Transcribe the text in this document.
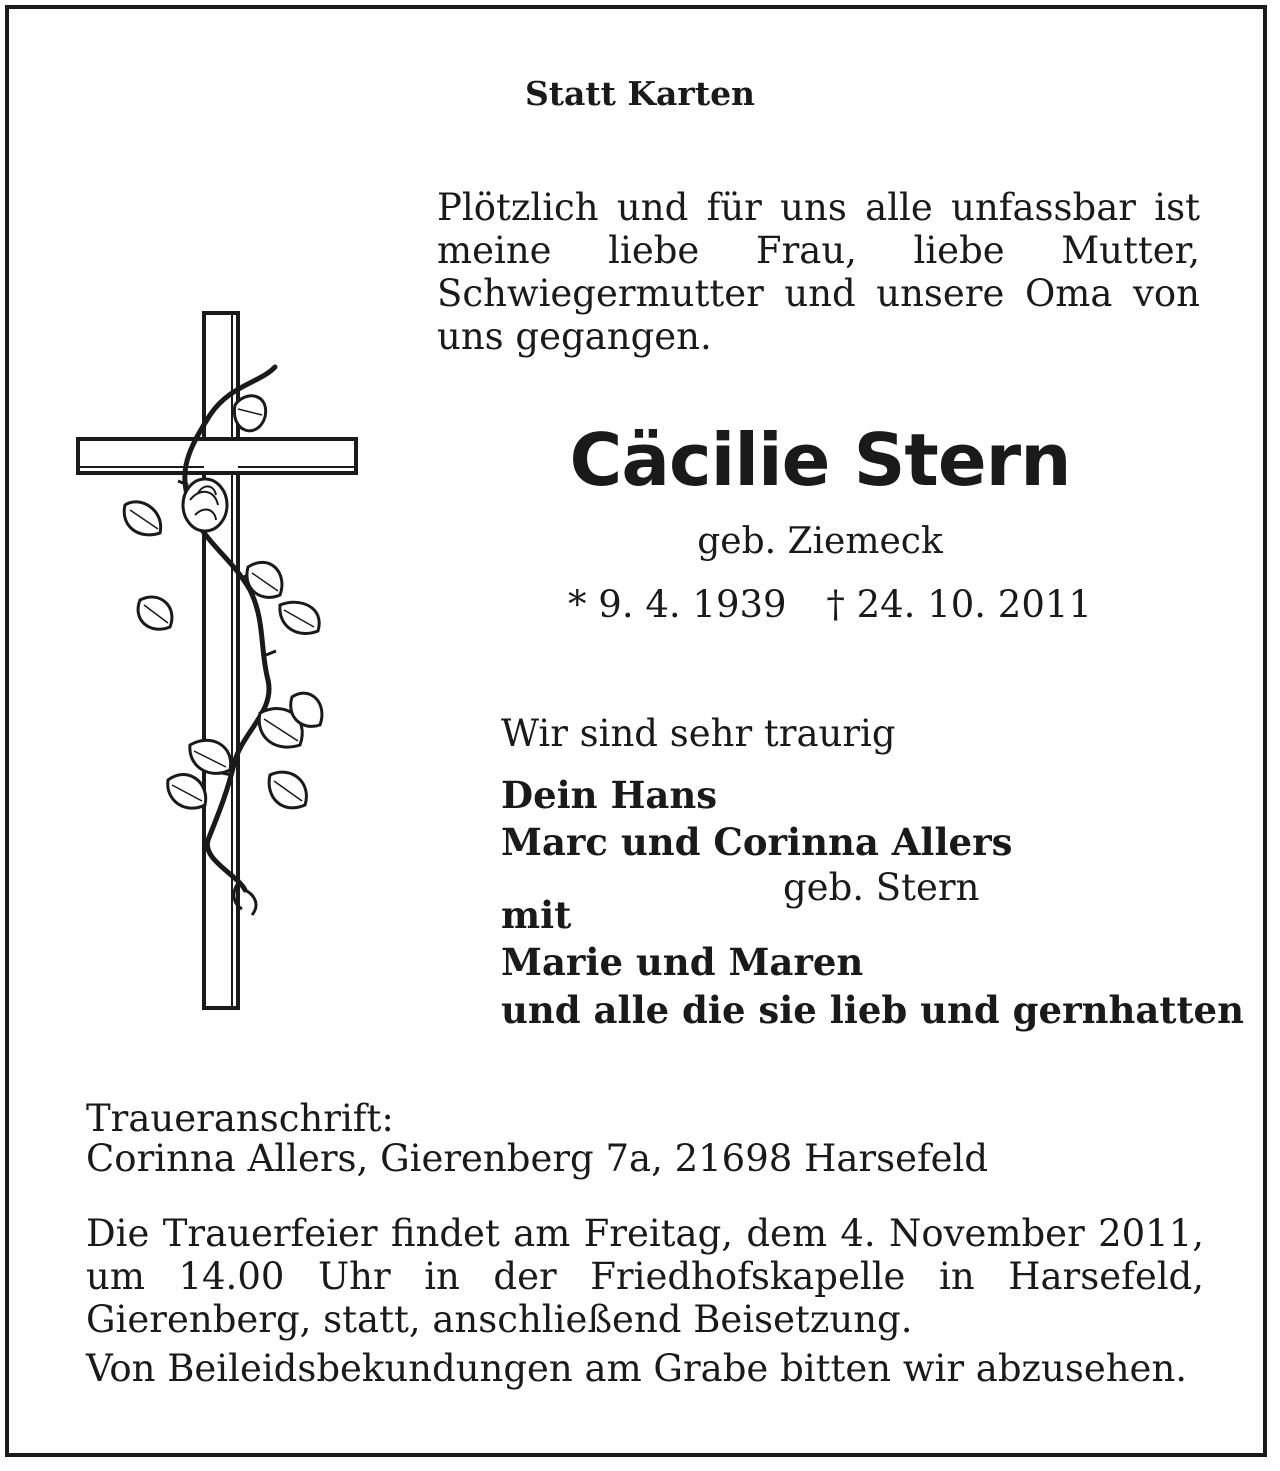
Statt Karten
Plötzlich und für uns alle unfassbar ist meine liebe Frau, liebe Mutter, Schwiegermutter und unsere Oma von uns gegangen.
Cäcilie Stern
geb. Ziemeck
* 9. 4. 1939 † 24. 10. 2011
Wir sind sehr traurig
Dein Hans
Marc und Corinna Allers
geb. Stern
mit
Marie und Maren
und alle die sie lieb und gernhatten
Traueranschrift:
Corinna Allers, Gierenberg 7a, 21698 Harsefeld
Die Trauerfeier findet am Freitag, dem 4. November 2011, um 14.00 Uhr in der Friedhofskapelle in Harsefeld, Gierenberg, statt, anschließend Beisetzung.
Von Beileidsbekundungen am Grabe bitten wir abzusehen.
